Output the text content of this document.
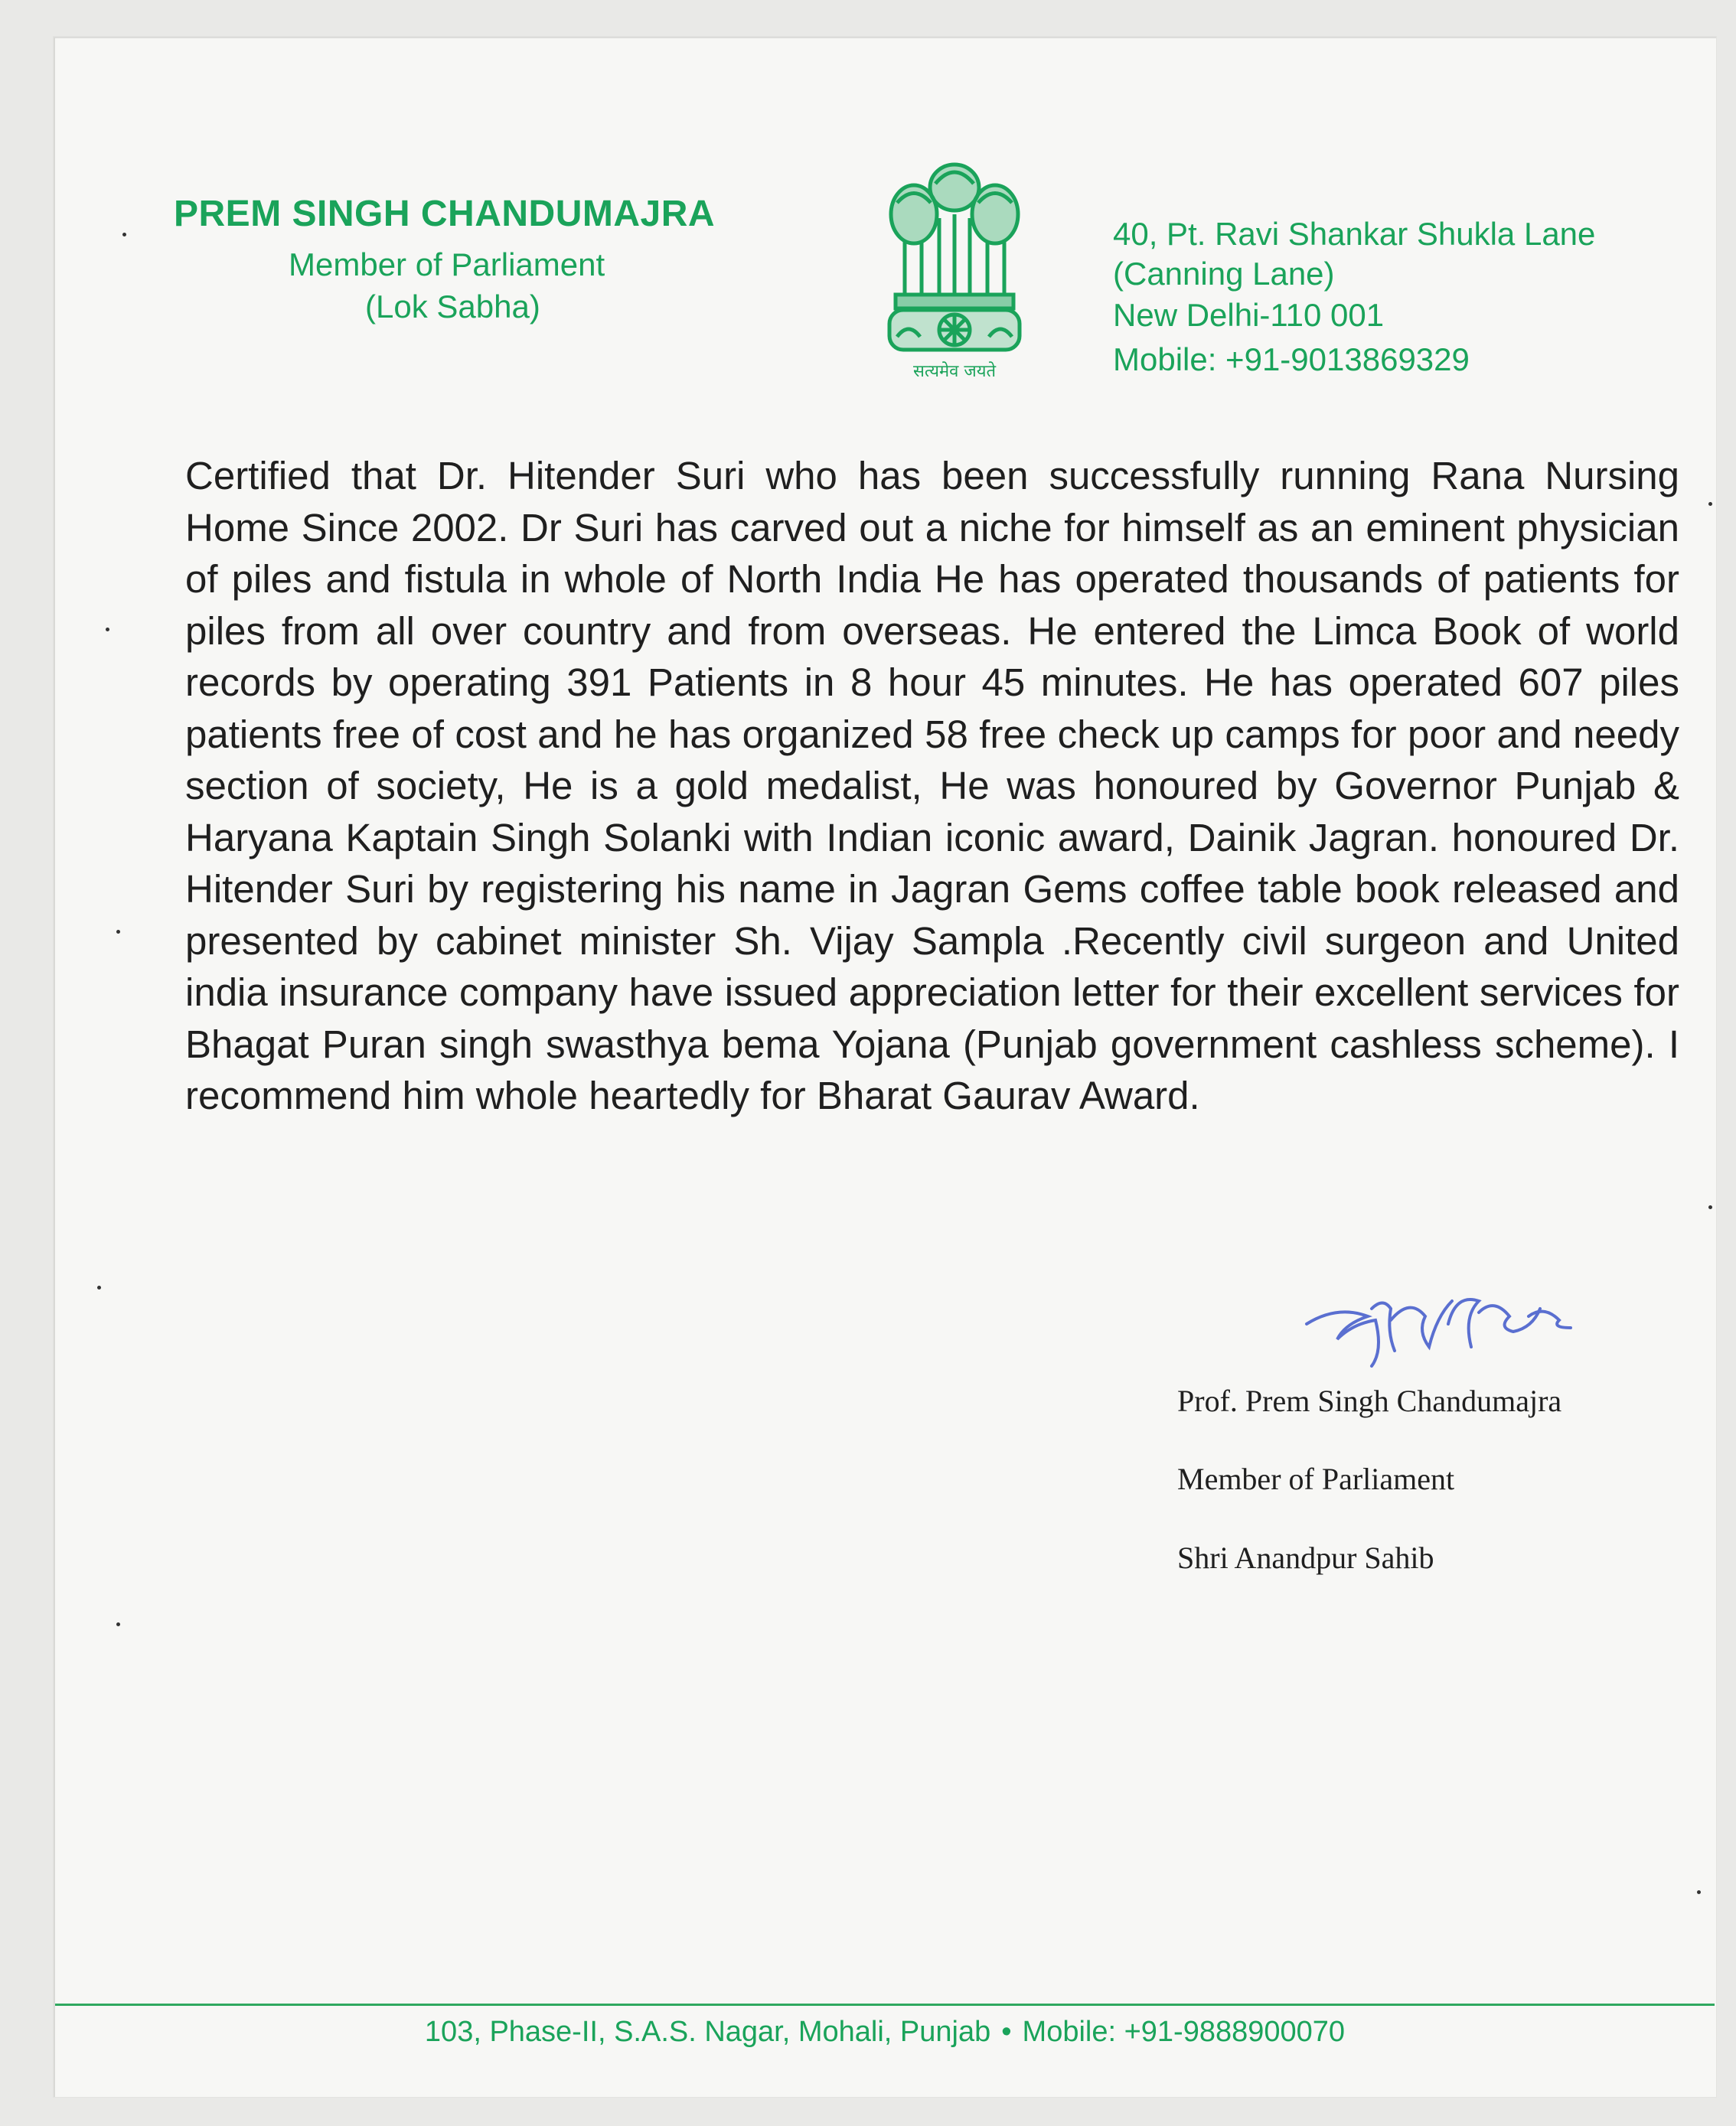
PREM SINGH CHANDUMAJRA
Member of Parliament
(Lok Sabha)
सत्यमेव जयते
40, Pt. Ravi Shankar Shukla Lane
(Canning Lane)
New Delhi-110 001
Mobile: +91-9013869329
Certified that Dr. Hitender Suri who has been successfully running Rana Nursing Home Since 2002. Dr Suri has carved out a niche for himself as an eminent physician of piles and fistula in whole of North India He has operated thousands of patients for piles from all over country and from overseas. He entered the Limca Book of world records by operating 391 Patients in 8 hour 45 minutes. He has operated 607 piles patients free of cost and he has organized 58 free check up camps for poor and needy section of society, He is a gold medalist, He was honoured by Governor Punjab & Haryana Kaptain Singh Solanki with Indian iconic award, Dainik Jagran. honoured Dr. Hitender Suri by registering his name in Jagran Gems coffee table book released and presented by cabinet minister Sh. Vijay Sampla .Recently civil surgeon and United india insurance company have issued appreciation letter for their excellent services for Bhagat Puran singh swasthya bema Yojana (Punjab government cashless scheme). I recommend him whole heartedly for Bharat Gaurav Award.
Prof. Prem Singh Chandumajra
Member of Parliament
Shri Anandpur Sahib
103, Phase-II, S.A.S. Nagar, Mohali, Punjab • Mobile: +91-9888900070
